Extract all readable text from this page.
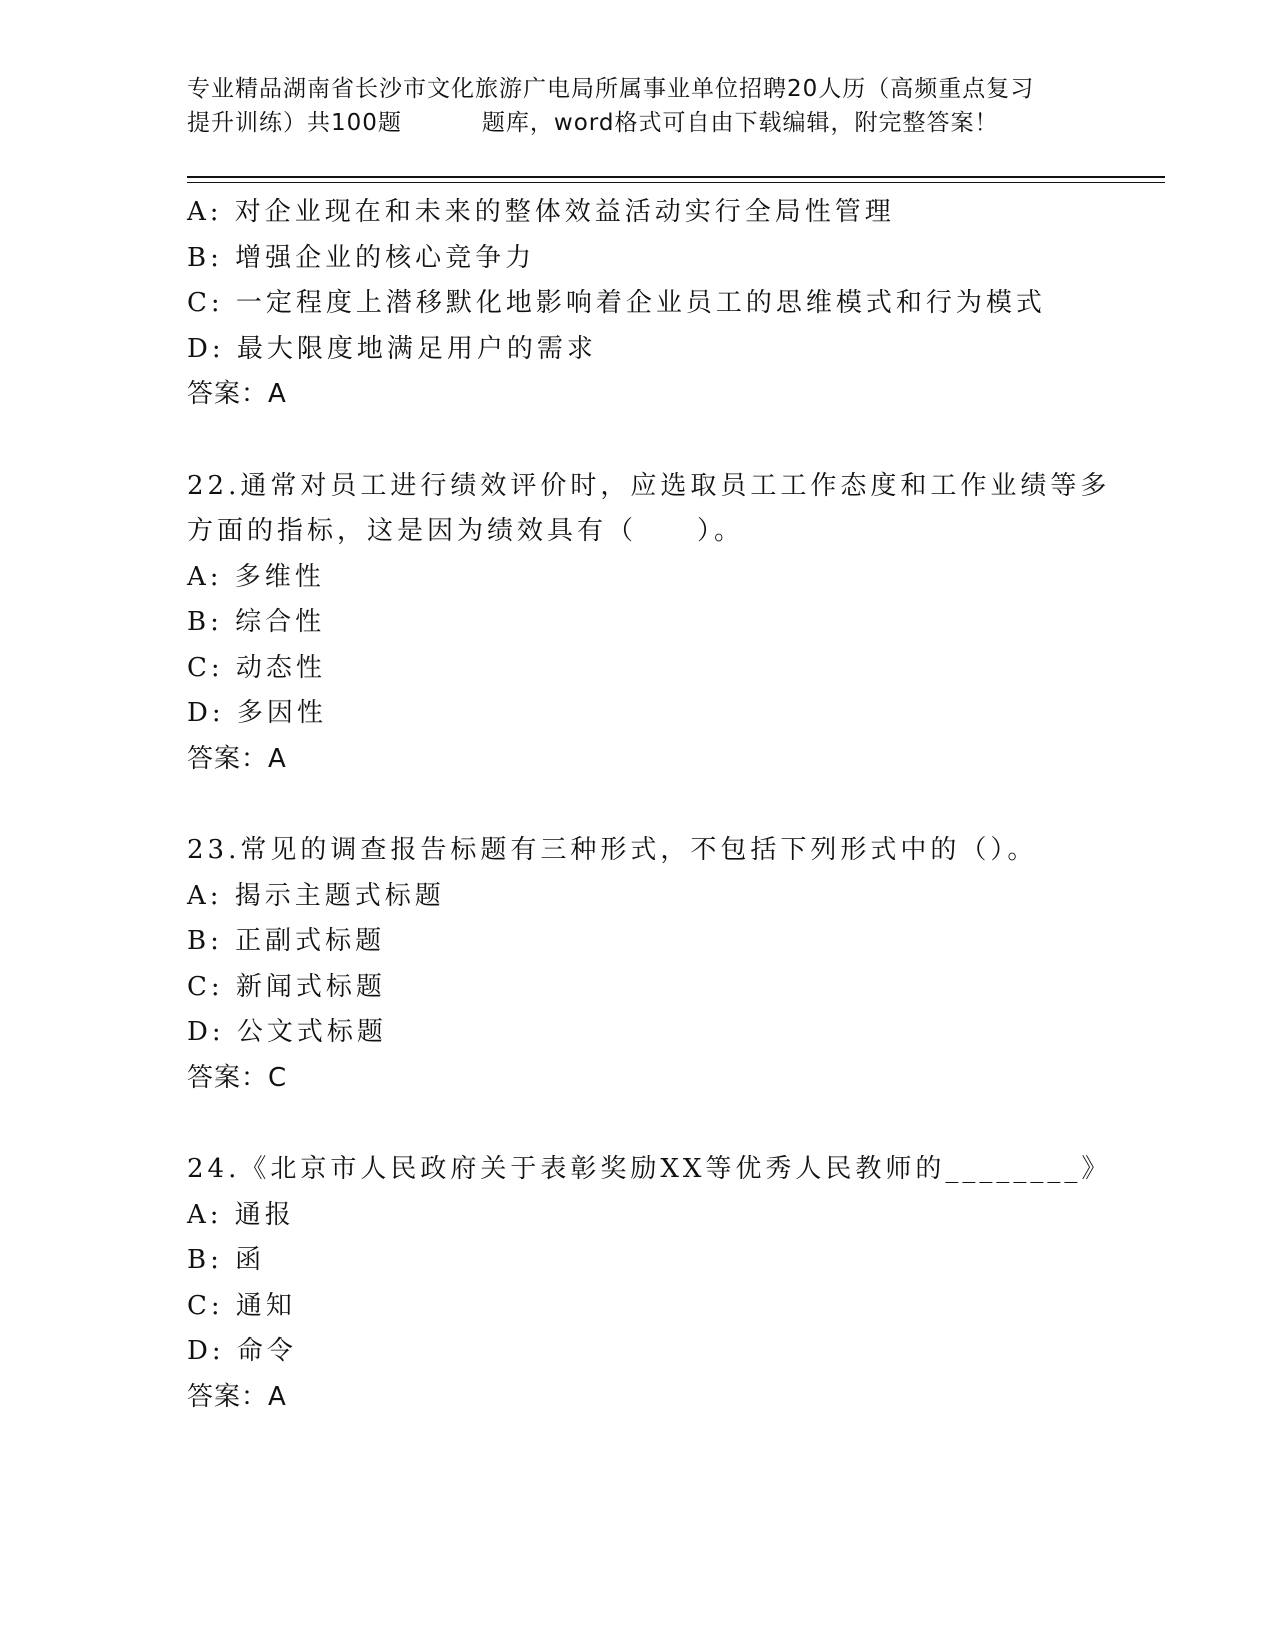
专业精品湖南省长沙市文化旅游广电局所属事业单位招聘20人历（高频重点复习
提升训练）共100题	题库，word格式可自由下载编辑，附完整答案！
A: 对企业现在和未来的整体效益活动实行全局性管理
B: 增强企业的核心竞争力
C: 一定程度上潜移默化地影响着企业员工的思维模式和行为模式
D: 最大限度地满足用户的需求
答案：A
22.通常对员工进行绩效评价时，应选取员工工作态度和工作业绩等多
方面的指标，这是因为绩效具有（　　）。
A: 多维性
B: 综合性
C: 动态性
D: 多因性
答案：A
23.常见的调查报告标题有三种形式，不包括下列形式中的（）。
A: 揭示主题式标题
B: 正副式标题
C: 新闻式标题
D: 公文式标题
答案：C
24.《北京市人民政府关于表彰奖励XX等优秀人民教师的________》
A: 通报
B: 函
C: 通知
D: 命令
答案：A
